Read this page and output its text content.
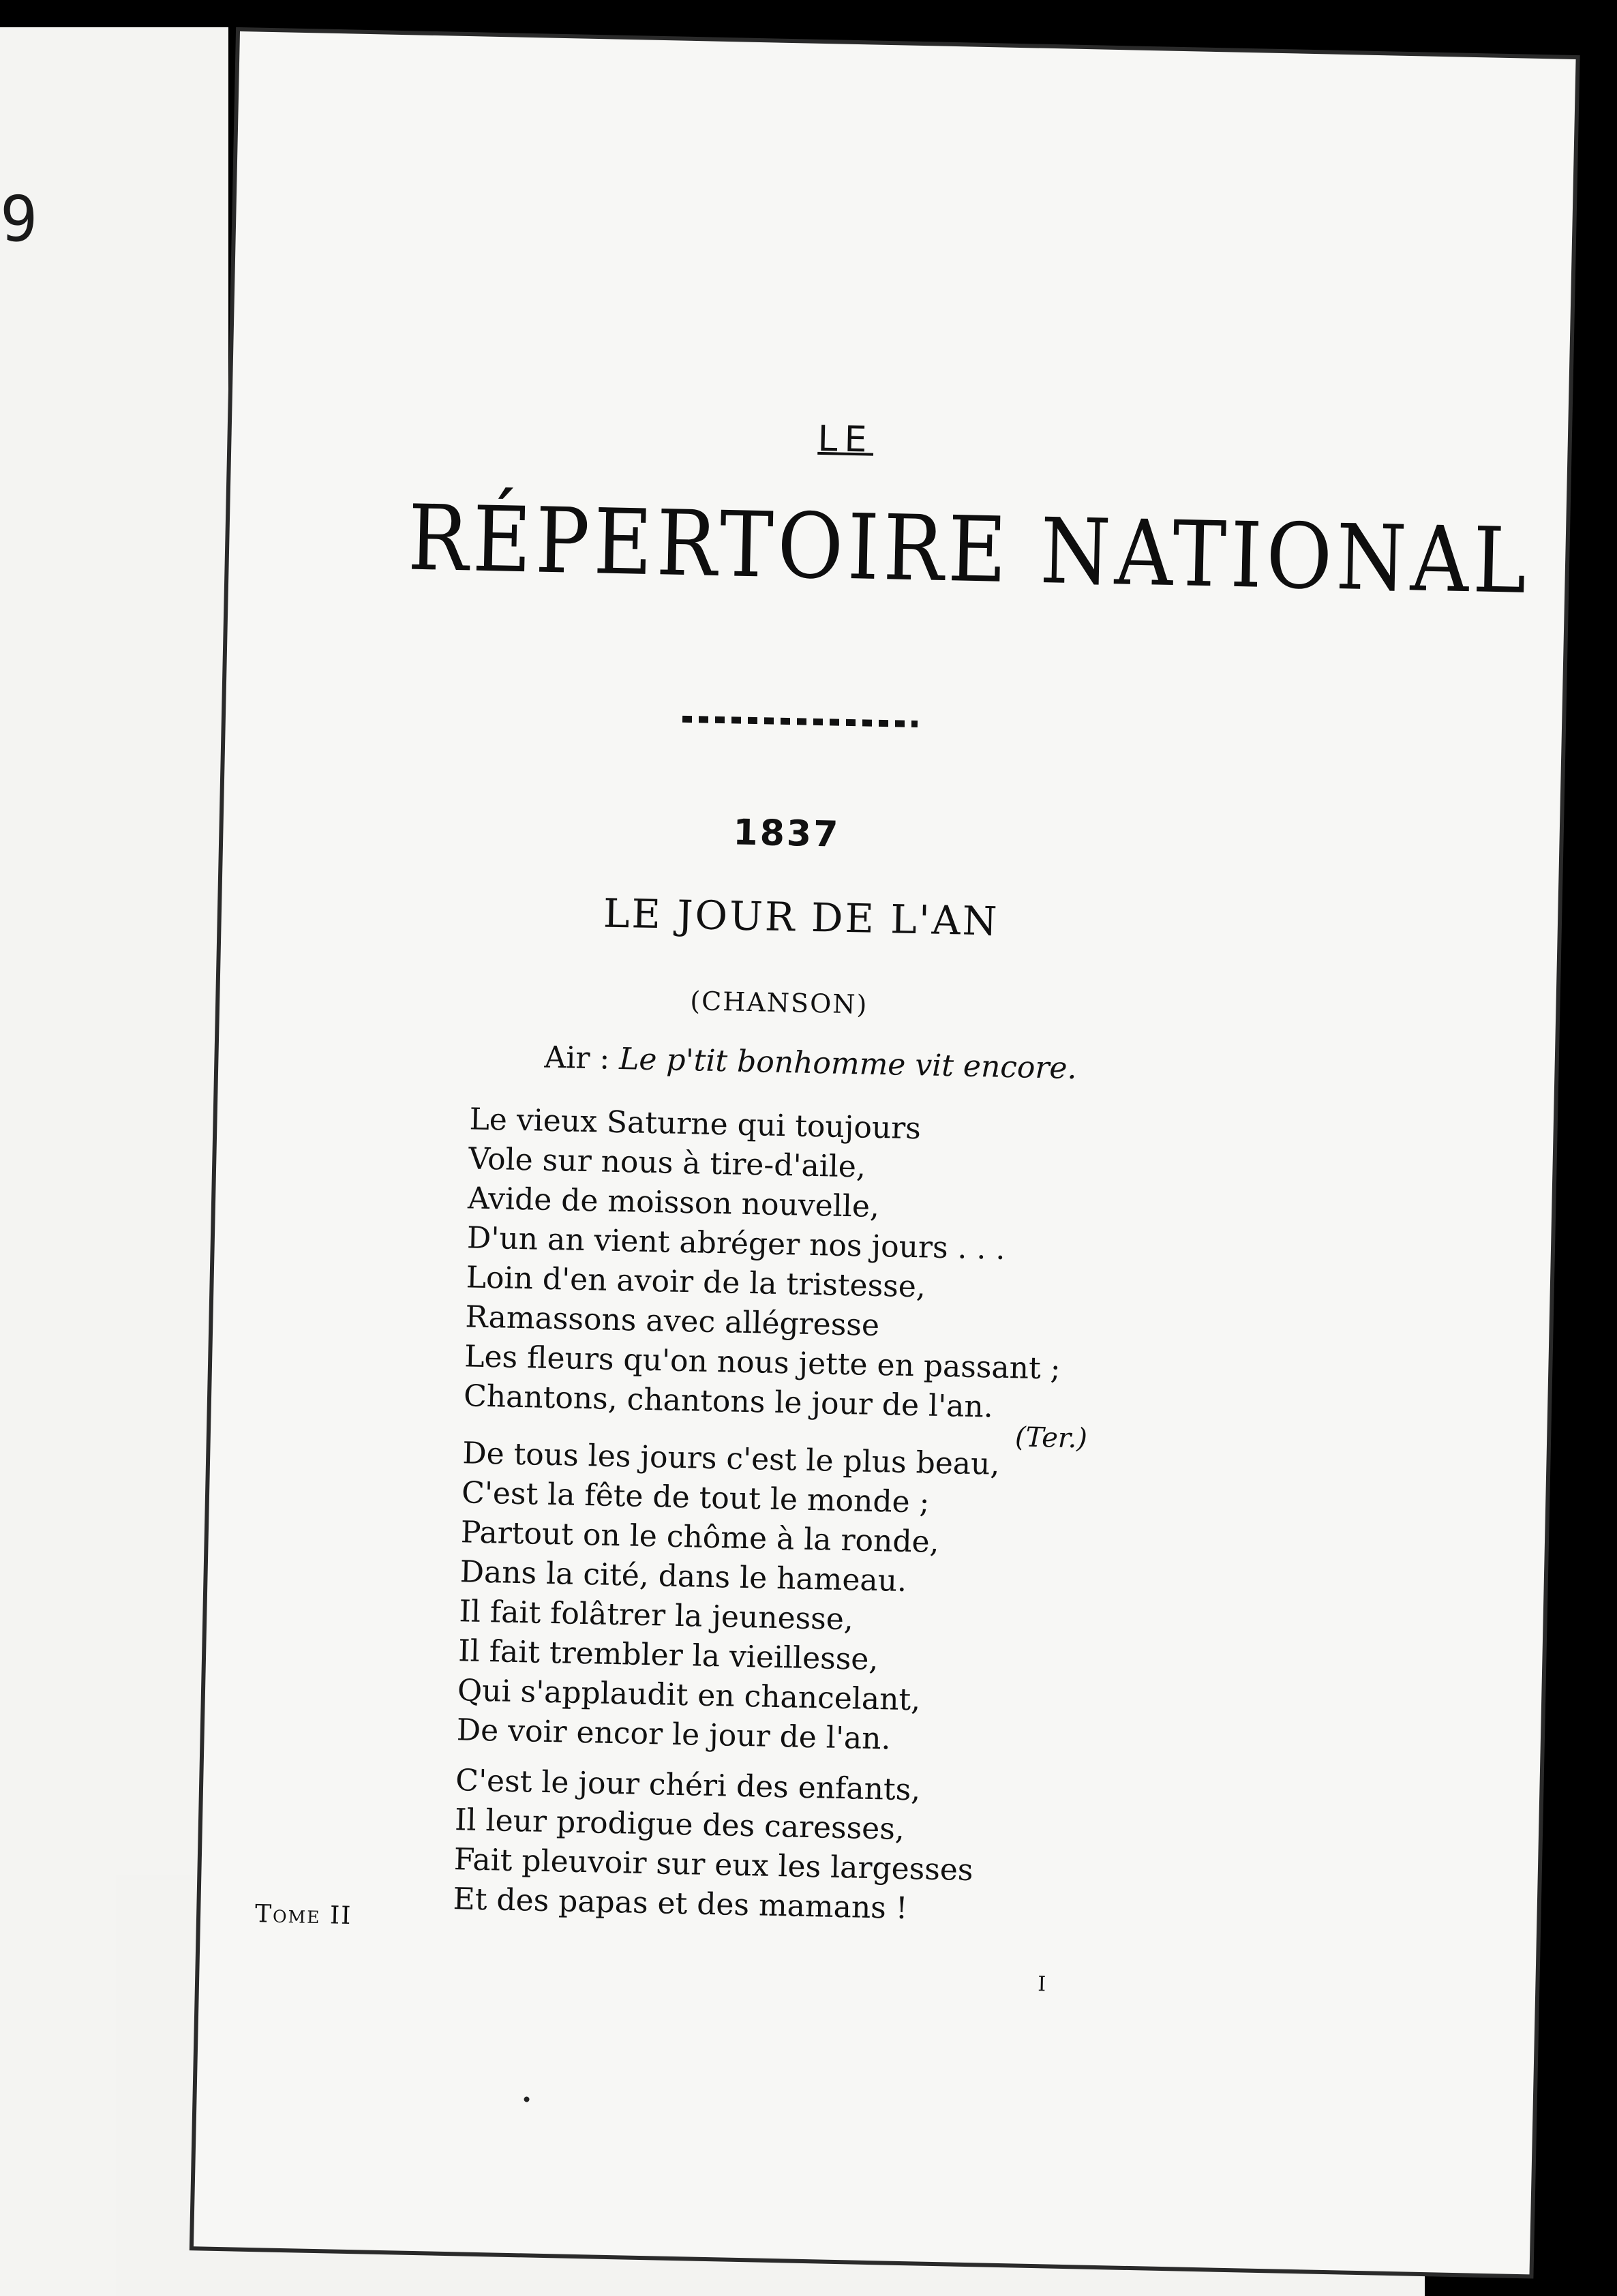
9
LE
RÉPERTOIRE NATIONAL
1837
LE JOUR DE L'AN
(CHANSON)
Air : Le p'tit bonhomme vit encore.
Le vieux Saturne qui toujours
Vole sur nous à tire-d'aile,
Avide de moisson nouvelle,
D'un an vient abréger nos jours . . .
Loin d'en avoir de la tristesse,
Ramassons avec allégresse
Les fleurs qu'on nous jette en passant ;
Chantons, chantons le jour de l'an.
(Ter.)
De tous les jours c'est le plus beau,
C'est la fête de tout le monde ;
Partout on le chôme à la ronde,
Dans la cité, dans le hameau.
Il fait folâtrer la jeunesse,
Il fait trembler la vieillesse,
Qui s'applaudit en chancelant,
De voir encor le jour de l'an.
C'est le jour chéri des enfants,
Il leur prodigue des caresses,
Fait pleuvoir sur eux les largesses
Et des papas et des mamans !
Tome II
I
